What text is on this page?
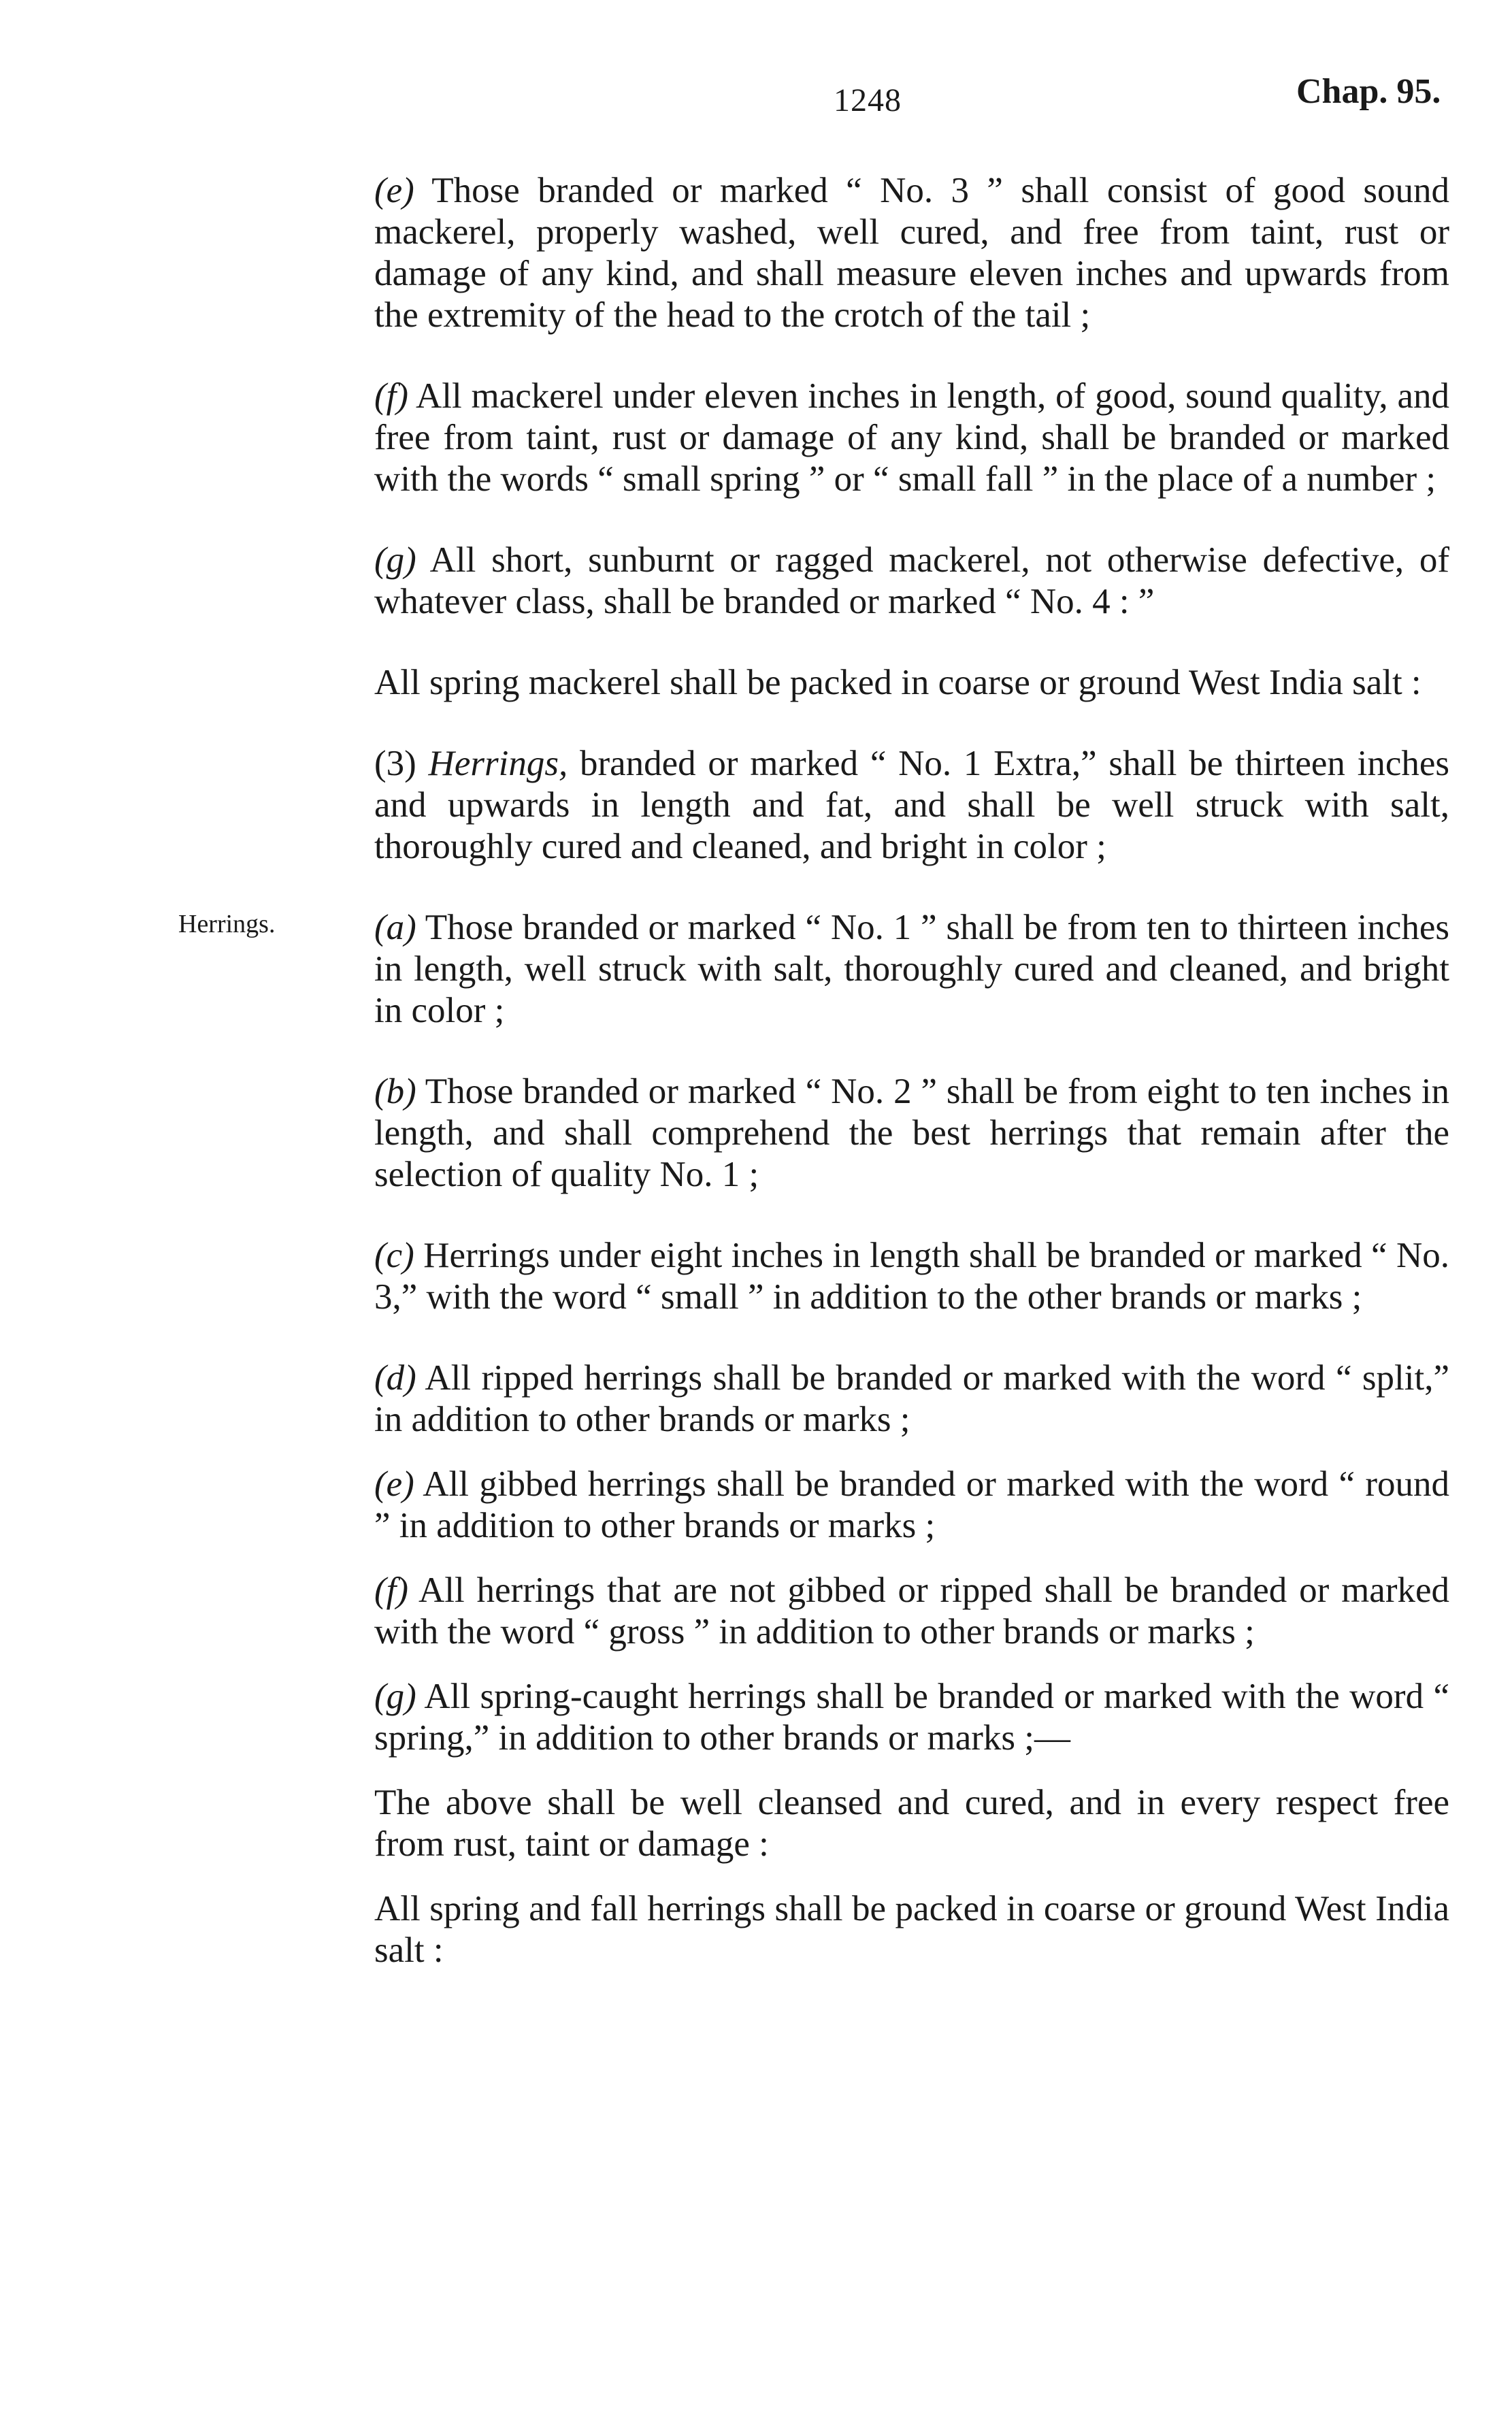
1248	Chap. 95.
Herrings.

(e) Those branded or marked “ No. 3 ” shall consist of good sound mackerel, properly washed, well cured, and free from taint, rust or damage of any kind, and shall measure eleven inches and upwards from the extremity of the head to the crotch of the tail ;

(f) All mackerel under eleven inches in length, of good, sound quality, and free from taint, rust or damage of any kind, shall be branded or marked with the words “ small spring ” or “ small fall ” in the place of a number ;

(g) All short, sunburnt or ragged mackerel, not otherwise defective, of whatever class, shall be branded or marked “ No. 4 : ”

All spring mackerel shall be packed in coarse or ground West India salt :

(3) Herrings, branded or marked “ No. 1 Extra,” shall be thirteen inches and upwards in length and fat, and shall be well struck with salt, thoroughly cured and cleaned, and bright in color ;

(a) Those branded or marked “ No. 1 ” shall be from ten to thirteen inches in length, well struck with salt, thoroughly cured and cleaned, and bright in color ;

(b) Those branded or marked “ No. 2 ” shall be from eight to ten inches in length, and shall comprehend the best herrings that remain after the selection of quality No. 1 ;

(c) Herrings under eight inches in length shall be branded or marked “ No. 3,” with the word “ small ” in addition to the other brands or marks ;

(d) All ripped herrings shall be branded or marked with the word “ split,” in addition to other brands or marks ;

(e) All gibbed herrings shall be branded or marked with the word “ round ” in addition to other brands or marks ;

(f) All herrings that are not gibbed or ripped shall be branded or marked with the word “ gross ” in addition to other brands or marks ;

(g) All spring-caught herrings shall be branded or marked with the word “ spring,” in addition to other brands or marks ;—

The above shall be well cleansed and cured, and in every respect free from rust, taint or damage :

All spring and fall herrings shall be packed in coarse or ground West India salt :
